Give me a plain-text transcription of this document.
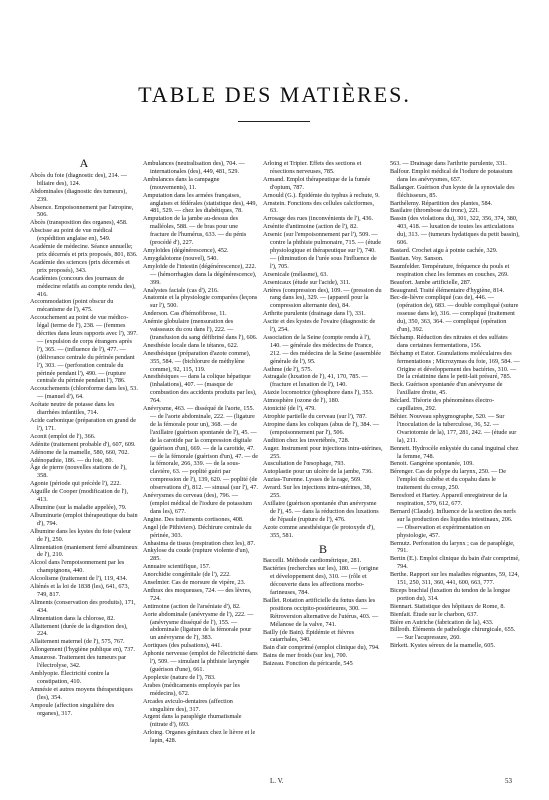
TABLE DES MATIÈRES.
A

Abcès du foie (diagnostic des), 214. — biliaire des), 124.

Abdominales (diagnostic des tumeurs), 239.

Absence. Empoisonnement par l'atropine, 506.

Abcès (transposition des organes), 458.

Abscisse au point de vue médical (expédition anglaise en), 549.

Académie de médecine. Séance annuelle; prix décernés et prix proposés, 801, 836.

Académie des sciences (prix décernés et prix proposés), 343.

Académies (concours des journaux de médecine relatifs au compte rendu des), 416.

Accommodation (point obscur du mécanisme de l'), 475.

Accouchement au point de vue médico-légal (terme de l'), 238. — (femmes décrites dans leurs rapports avec l'), 397. — (expulsion de corps étrangers après l'), 365. — (influence de l'), 477. — (délivrance centrale du périnée pendant l'), 303. — (perforation centrale du périnée pendant l'), 490. — (rupture centrale du périnée pendant l'), 786.

Accouchements (chloroforme dans les), 53. — (manuel d'), 64.

Acétate neutre de potasse dans les diarrhées infantiles, 714.

Acide carbonique (préparation en grand de l'), 171.

Aconit (emploi de l'), 366.

Adénite (traitement probable d'), 607, 609.

Adénome de la mamelle, 580, 660, 702.

Adénopathie, 186. — du foie, 80.

Âge de pierre (nouvelles stations de l'), 358.

Agonie (période qui précède l'), 222.

Aiguille de Cooper (modification de l'), 413.

Albumine (sur la maladie appelée), 79.

Albuminurie (emploi thérapeutique du bain d'), 794.

Albumine dans les kystes du foie (valeur de l'), 250.

Alimentation (maniement ferré albumineux de l'), 210.

Alcool dans l'empoisonnement par les champignons, 440.

Alcoolisme (traitement de l'), 119, 434.

Aliénés et la loi de 1838 (les), 641, 673, 749, 817.

Aliments (conservation des produits), 171, 434.

Alimentation dans la chlorose, 82.

Allaitement (durée de la digestion des), 224.

Allaitement maternel (de l'), 575, 767.

Allongement (l'hygiène publique en), 737.

Amaurose. Traitement des tumeurs par l'électrolyse, 342.

Amblyopie. Électricité contre la constipation, 410.

Amnésie et autres moyens thérapeutiques (les), 354.

Ampoule (affection singulière des organes), 317.

Ambulances (neutralisation des), 704. — internationales (des), 449, 481, 529.

Ambulances dans la campagne (mouvements), 11.

Amputation dans les armées françaises, anglaises et fédérales (statistique des), 449, 481, 529. — chez les diabétiques, 78.

Amputation de la jambe au-dessus des malléoles, 588. — de bras pour une fracture de l'humérus, 633. — du pénis (procédé d'), 227.

Amyloïdes (dégénérescence), 452.

Amygdalotome (nouvel), 540.

Amyloïde de l'intestin (dégénérescence), 222. — (hémorrhagies dans la dégénérescence), 399.

Analystes faciale (cas d'), 216.

Anatomie et la physiologie comparées (leçons sur l'), 500.

Anderson. Cas d'hémofibrose, 11.

Anémie globulaire (mensuration des vaisseaux du cou dans l'), 222. — (transfusion du sang défibriné dans l'), 606.

Anesthésie locale dans le tétanos, 622.

Anesthésique (préparation d'azote comme), 355, 584. — (bichlorure de méthylène comme), 92, 115, 119.

Anesthésiques — dans la colique hépatique (inhalations), 407. — (masque de combustion des accidents produits par les), 764.

Anévrysme, 463. — disséqué de l'aorte, 155. — de l'aorte abdominale, 222. — (ligature de la fémorale pour un), 368. — de l'axillaire (guérison spontanée de l'), 45. — de la carotide par la compression digitale (guérison d'un), 669. — de la carotide, 47. — de la fémorale (guérison d'un), 47. — de la fémorale, 266, 339. — de la sous-clavière, 63. — poplité guéri par compression de l'), 139, 620. — poplité (de observations d'), 812. — sinusal (sur l'), 47.

Anévrysmes du cerveau (des), 796. — (emploi médical de l'iodure de potassium dans les), 677.

Angine. Des traitements cortisones, 408.

Angel (de Pithiviers). Déchirure centrale du périnée, 303.

Anhasima de tissus (respiration chez les), 87.

Ankylose du coude (rupture violente d'un), 285.

Annuaire scientifique, 157.

Anorchidie congénitale (de l'), 222.

Anselmier. Cas de morsure de vipère, 23.

Anthrax des moqueuses, 724. — des lèvres, 724.

Antimoine (action de l'arséniate d'), 82.

Aorte abdominale (anévrysme de l'), 222. — (anévrysme disséqué de l'), 155. — abdominale (ligature de la fémorale pour un anévrysme de l'), 383.

Aortiques (des pulsations), 441.

Aphonie nerveuse (emploi de l'électricité dans l'), 509. — simulant la phthisie laryngée (guérison d'une), 661.

Apoplexie (nature de l'), 783.

Arabes (médicaments employés par les médecins), 672.

Arcades aviculo-dentaires (affection singulière des), 317.

Argent dans la paraplégie rhumatismale (nitrate d'), 693.

Arloing. Organes génitaux chez le lièvre et le lapin, 428.

Arloing et Tripier. Effets des sections et résections nerveuses, 785.

Armand. Emploi thérapeutique de la fumée d'opium, 787.

Arnould (G.). Épidémie du typhus à rechute, 9.

Arnstein. Fonctions des cellules calciformes, 63.

Arrosage des rues (inconvénients de l'), 436.

Arsénite d'antimoine (action de l'), 82.

Arsenic (sur l'empoisonnement par l'), 509. — contre la phthisie pulmonaire, 715. — (étude physiologique et thérapeutique sur l'), 740. — (diminution de l'urée sous l'influence de l'), 705.

Arsenicale (mélasme), 63.

Arsenicaux (étude sur l'acide), 311.

Artères (compression des), 109. — (pression du rang dans les), 329. — (appareil pour la compression alternante des), 84.

Arthrite purulente (drainage dans l'), 331.

Ascite et des kystes de l'ovaire (diagnostic de l'), 254.

Association de la Seine (compte rendu à l'), 140. — générale des médecins de France, 212. — des médecins de la Seine (assemblée générale de l'), 95.

Asthme (de l'), 575.

Astragale (luxation de l'), 41, 170, 785. — (fracture et luxation de l'), 140.

Ataxie locomotrice (phosphore dans l'), 353.

Atmosphère (ozone de l'), 180.

Atonicité (de l'), 479.

Atrophie partielle du cerveau (sur l'), 787.

Atropine dans les coliques (abus de l'), 384. — (empoisonnement par l'), 506.

Audition chez les invertébrés, 728.

Auger. Instrument pour injections intra-utérines, 255.

Auscultation de l'œsophage, 793.

Autoplastie pour un ulcère de la jambe, 736.

Auzias-Turenne. Lysses de la rage, 569.

Avrard. Sur les injections intra-utérines, 38, 255.

Axillaire (guérison spontanée d'un anévrysme de l'), 45. — dans la réduction des luxations de l'épaule (rupture de l'), 476.

Azote comme anesthésique (le protoxyde d'), 355, 581.

B

Baccelli. Méthode cardiométrique, 281.

Bactéries (recherches sur les), 180. — (origine et développement des), 310. — (rôle et découverte dans les affections morbo-farineuses, 784.

Baillet. Rotation artificielle du fœtus dans les positions occipito-postérieures, 300. — Rétroversion alternative de l'utérus, 403. — Mélanose de la valve, 741.

Bailly (de Bain). Épidémie et fièvres catarrhales, 340.

Bain d'air comprimé (emploi clinique du), 794.

Bains de mer froids (sur les), 700.

Baizeau. Fonction du péricarde, 545

563. — Drainage dans l'arthrite purulente, 331.

Balfour. Emploi médical de l'iodure de potassium dans les anévrysmes, 657.

Ballanger. Guérison d'un kyste de la synoviale des fléchisseurs, 85.

Barthélemy. Répartition des plantes, 584.

Basilaire (thrombose du tronc), 221.

Bassin (des violations du), 301, 322, 356, 374, 380, 403, 418. — luxation de toutes les articulations du), 313. — (tumeurs hydatiques du petit bassin), 606.

Bastard. Crochet aigu à pointe cachée, 329.

Bastian. Voy. Sanson.

Baumfelder. Température, fréquence du pouls et respiration chez les femmes en couches, 269.

Beaufort. Jambe artificielle, 287.

Beaugrand. Traité élémentaire d'hygiène, 814.

Bec-de-lièvre compliqué (cas de), 446. — (opération de), 683. — double compliqué (suture osseuse dans le), 316. — compliqué (traitement du), 350, 363, 364. — compliqué (opération d'un), 392.

Béchamp. Réduction des nitrates et des sulfates dans certaines fermentations, 156.

Béchamp et Estor. Granulations moléculaires des fermentations ; Microzymas du foie, 169, 584. — Origine et développement des bactéries, 310. — De la créatinine dans le petit-lait présuré, 785.

Beck. Guérison spontanée d'un anévrysme de l'axillaire droite, 45.

Béclard. Théorie des phénomènes électro-capillaires, 292.

Béhier. Nouveau sphygmographe, 520. — Sur l'inoculation de la tuberculose, 36, 52. — Ovariotomie de la), 177, 281, 242. — (étude sur la), 211.

Bennett. Hydrocèle enkystée du canal inguinal chez la femme, 748.

Benoit. Gangrène spontanée, 109.

Bérenger. Cas de polype du larynx, 250. — De l'emploi du cubèbe et du copahu dans le traitement du croup, 250.

Beresford et Hartey. Appareil enregistreur de la respiration, 579, 612, 677.

Bernard (Claude). Influence de la section des nerfs sur la production des liquides intestinaux, 206. — Observation et expérimentation en physiologie, 457.

Bernutz. Perforation du larynx ; cas de paraplégie, 791.

Bertin (E.). Emploi clinique du bain d'air comprimé, 794.

Berthe. Rapport sur les maladies régnantes, 59, 124, 151, 250, 311, 360, 441, 600, 663, 777.

Biceps brachial (luxation du tendon de la longue portion du), 314.

Biennart. Statistique des hôpitaux de Rome, 8.

Bienfait. Étude sur le charbon, 637.

Bière en Autriche (fabrication de la), 433.

Billroth. Éléments de pathologie chirurgicale, 655. — Sur l'acupressure, 260.

Birkett. Kystes séreux de la mamelle, 605.

L. V.	53
